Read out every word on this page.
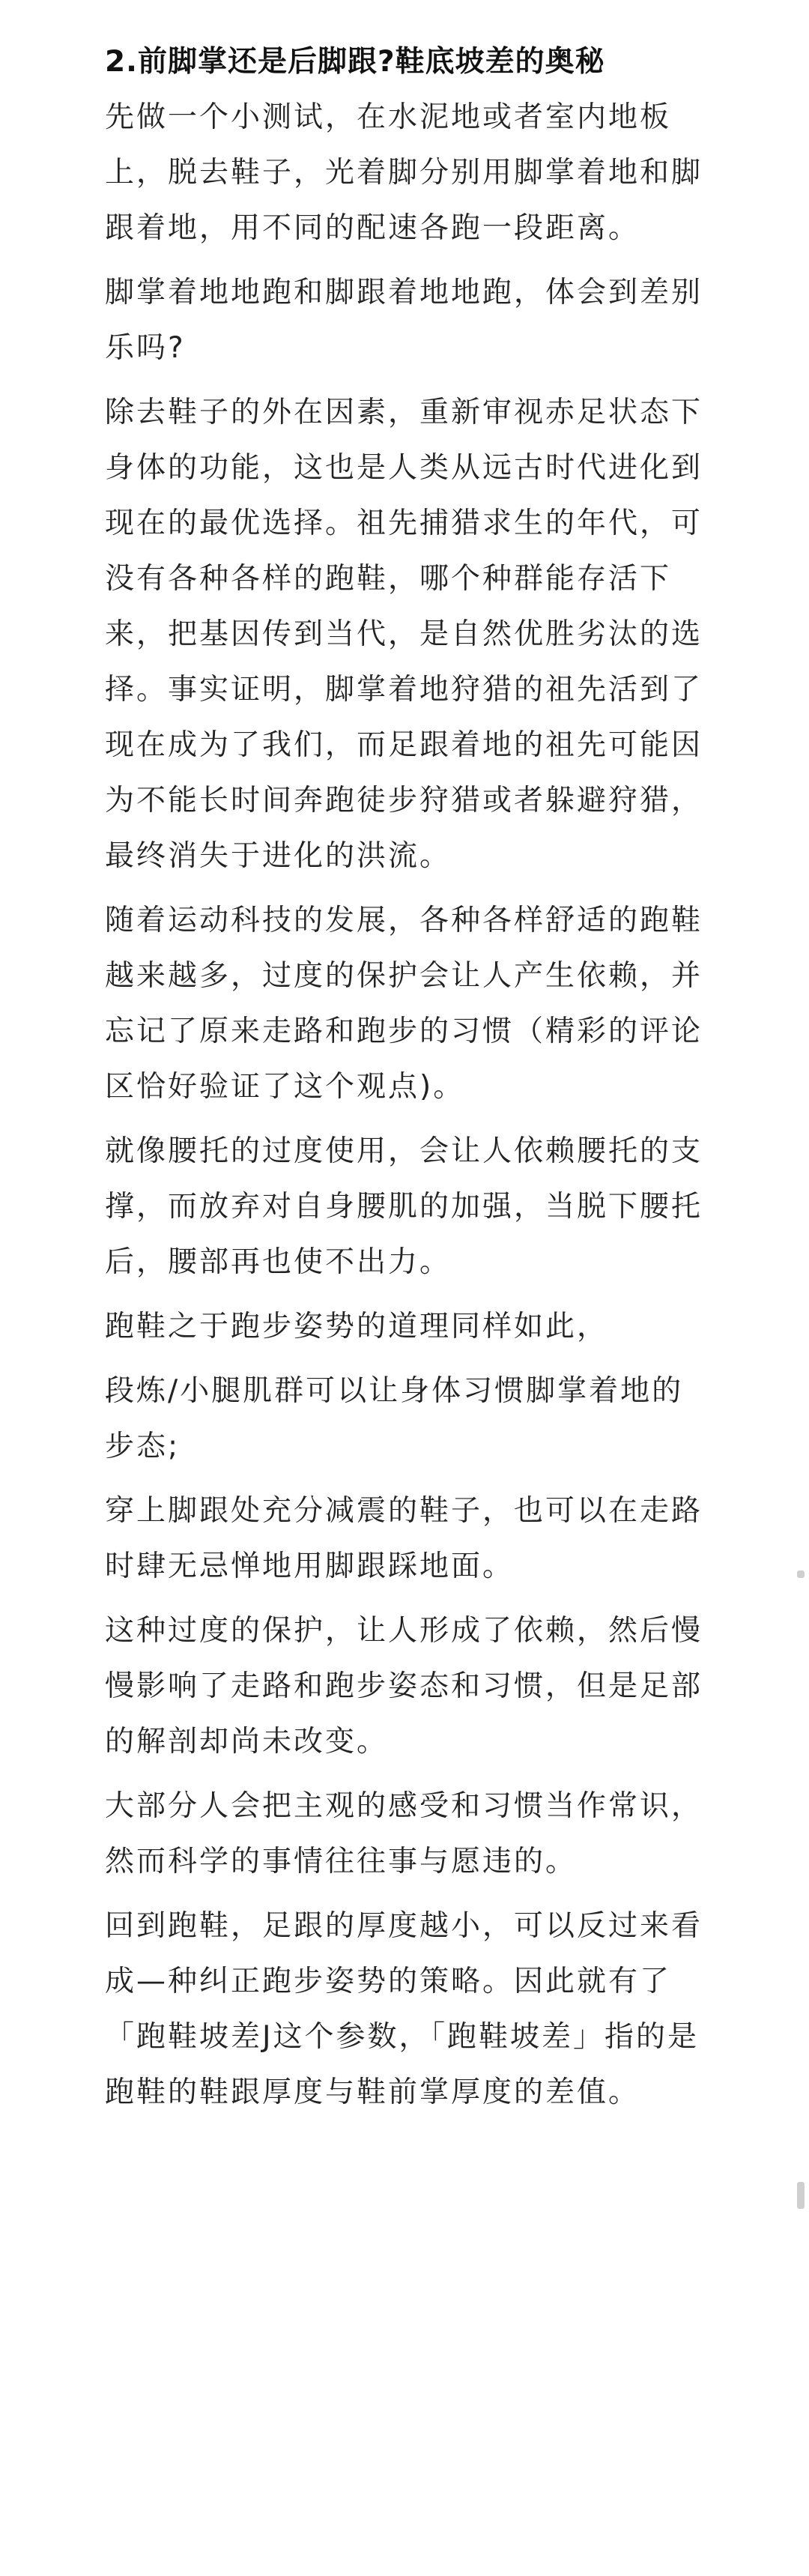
2.前脚掌还是后脚跟?鞋底坡差的奥秘

先做一个小测试，在水泥地或者室内地板上，脱去鞋子，光着脚分别用脚掌着地和脚跟着地，用不同的配速各跑一段距离。

脚掌着地地跑和脚跟着地地跑，体会到差别乐吗?

除去鞋子的外在因素，重新审视赤足状态下身体的功能，这也是人类从远古时代进化到现在的最优选择。祖先捕猎求生的年代，可没有各种各样的跑鞋，哪个种群能存活下来，把基因传到当代，是自然优胜劣汰的选择。事实证明，脚掌着地狩猎的祖先活到了现在成为了我们，而足跟着地的祖先可能因为不能长时间奔跑徒步狩猎或者躲避狩猎，最终消失于进化的洪流。

随着运动科技的发展，各种各样舒适的跑鞋越来越多，过度的保护会让人产生依赖，并忘记了原来走路和跑步的习惯（精彩的评论区恰好验证了这个观点)。

就像腰托的过度使用，会让人依赖腰托的支撑，而放弃对自身腰肌的加强，当脱下腰托后，腰部再也使不出力。

跑鞋之于跑步姿势的道理同样如此，

段炼/小腿肌群可以让身体习惯脚掌着地的步态;

穿上脚跟处充分减震的鞋子，也可以在走路时肆无忌惮地用脚跟踩地面。

这种过度的保护，让人形成了依赖，然后慢慢影响了走路和跑步姿态和习惯，但是足部的解剖却尚未改变。

大部分人会把主观的感受和习惯当作常识，然而科学的事情往往事与愿违的。

回到跑鞋，足跟的厚度越小，可以反过来看成—种纠正跑步姿势的策略。因此就有了「跑鞋坡差J这个参数，「跑鞋坡差」指的是跑鞋的鞋跟厚度与鞋前掌厚度的差值。
